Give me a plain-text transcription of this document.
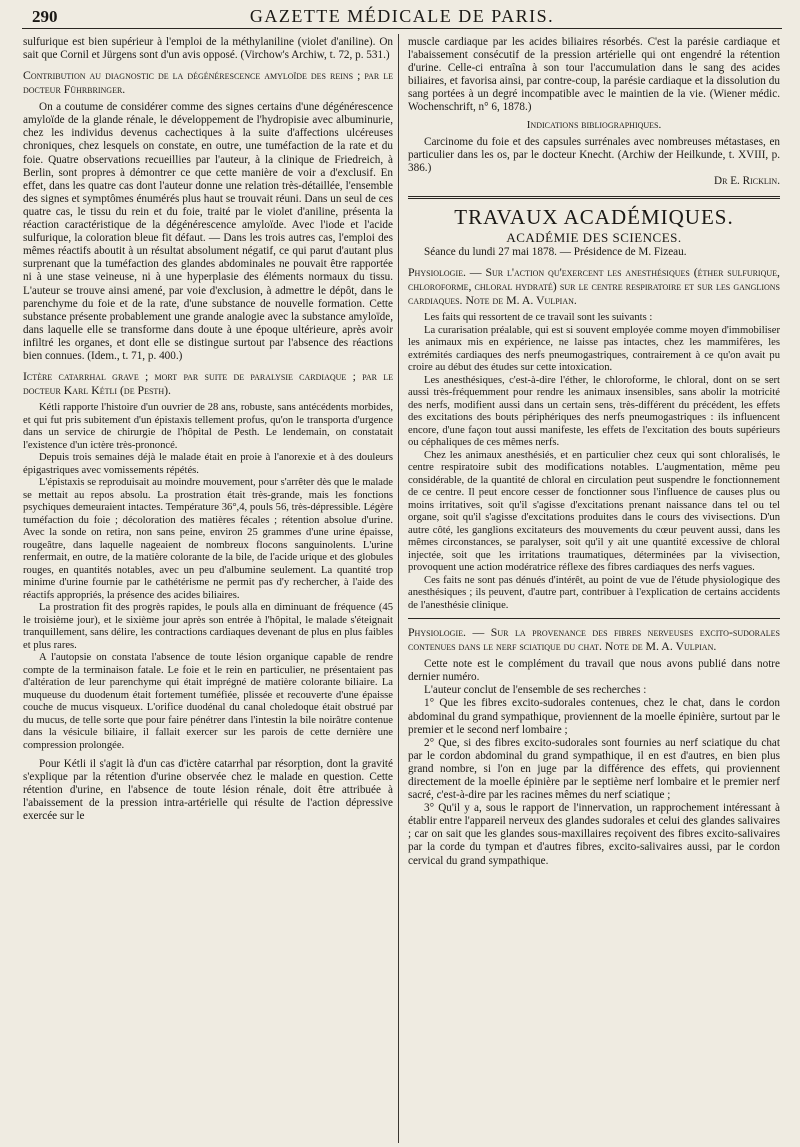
290	GAZETTE MÉDICALE DE PARIS.

sulfurique est bien supérieur à l'emploi de la méthylaniline (violet d'aniline). On sait que Cornil et Jürgens sont d'un avis opposé. (Virchow's Archiw, t. 72, p. 531.)

Contribution au diagnostic de la dégénérescence amyloïde des reins ; par le docteur Führbringer.

On a coutume de considérer comme des signes certains d'une dégénérescence amyloïde de la glande rénale, le développement de l'hydropisie avec albuminurie, chez les individus devenus cachectiques à la suite d'affections ulcéreuses chroniques, chez lesquels on constate, en outre, une tuméfaction de la rate et du foie. Quatre observations recueillies par l'auteur, à la clinique de Friedreich, à Berlin, sont propres à démontrer ce que cette manière de voir a d'exclusif. En effet, dans les quatre cas dont l'auteur donne une relation très-détaillée, l'ensemble des signes et symptômes énumérés plus haut se trouvait réuni. Dans un seul de ces quatre cas, le tissu du rein et du foie, traité par le violet d'aniline, présenta la réaction caractéristique de la dégénérescence amyloïde. Avec l'iode et l'acide sulfurique, la coloration bleue fit défaut. — Dans les trois autres cas, l'emploi des mêmes réactifs aboutit à un résultat absolument négatif, ce qui parut d'autant plus surprenant que la tuméfaction des glandes abdominales ne pouvait être rapportée ni à une stase veineuse, ni à une hyperplasie des éléments normaux du tissu. L'auteur se trouve ainsi amené, par voie d'exclusion, à admettre le dépôt, dans le parenchyme du foie et de la rate, d'une substance de nouvelle formation. Cette substance présente probablement une grande analogie avec la substance amyloïde, dans laquelle elle se transforme dans doute à une époque ultérieure, après avoir infiltré les organes, et dont elle se distingue surtout par l'absence des réactions bien connues. (Idem., t. 71, p. 400.)

Ictère catarrhal grave ; mort par suite de paralysie cardiaque ; par le docteur Karl Kétli (de Pesth).

Kétli rapporte l'histoire d'un ouvrier de 28 ans, robuste, sans antécédents morbides, et qui fut pris subitement d'un épistaxis tellement profus, qu'on le transporta d'urgence dans un service de chirurgie de l'hôpital de Pesth. Le lendemain, on constatait l'existence d'un ictère très-prononcé.

Depuis trois semaines déjà le malade était en proie à l'anorexie et à des douleurs épigastriques avec vomissements répétés.

L'épistaxis se reproduisait au moindre mouvement, pour s'arrêter dès que le malade se mettait au repos absolu. La prostration était très-grande, mais les fonctions psychiques demeuraient intactes. Température 36°,4, pouls 56, très-dépressible. Légère tuméfaction du foie ; décoloration des matières fécales ; rétention absolue d'urine. Avec la sonde on retira, non sans peine, environ 25 grammes d'une urine épaisse, rougeâtre, dans laquelle nageaient de nombreux flocons sanguinolents. L'urine renfermait, en outre, de la matière colorante de la bile, de l'acide urique et des globules rouges, en quantités notables, avec un peu d'albumine seulement. La quantité trop minime d'urine fournie par le cathétérisme ne permit pas d'y rechercher, à l'aide des réactifs appropriés, la présence des acides biliaires.

La prostration fit des progrès rapides, le pouls alla en diminuant de fréquence (45 le troisième jour), et le sixième jour après son entrée à l'hôpital, le malade s'éteignait tranquillement, sans délire, les contractions cardiaques devenant de plus en plus faibles et plus rares.

A l'autopsie on constata l'absence de toute lésion organique capable de rendre compte de la terminaison fatale. Le foie et le rein en particulier, ne présentaient pas d'altération de leur parenchyme qui était imprégné de matière colorante biliaire. La muqueuse du duodenum était fortement tuméfiée, plissée et recouverte d'une épaisse couche de mucus visqueux. L'orifice duodénal du canal choledoque était obstrué par du mucus, de telle sorte que pour faire pénétrer dans l'intestin la bile noirâtre contenue dans la vésicule biliaire, il fallait exercer sur les parois de cette dernière une compression prolongée.

Pour Kétli il s'agit là d'un cas d'ictère catarrhal par résorption, dont la gravité s'explique par la rétention d'urine observée chez le malade en question. Cette rétention d'urine, en l'absence de toute lésion rénale, doit être attribuée à l'abaissement de la pression intra-artérielle qui résulte de l'action dépressive exercée sur le

muscle cardiaque par les acides biliaires résorbés. C'est la parésie cardiaque et l'abaissement consécutif de la pression artérielle qui ont engendré la rétention d'urine. Celle-ci entraîna à son tour l'accumulation dans le sang des acides biliaires, et favorisa ainsi, par contre-coup, la parésie cardiaque et la dissolution du sang portées à un degré incompatible avec le maintien de la vie. (Wiener médic. Wochenschrift, n° 6, 1878.)

Indications bibliographiques.

Carcinome du foie et des capsules surrénales avec nombreuses métastases, en particulier dans les os, par le docteur Knecht. (Archiw der Heilkunde, t. XVIII, p. 386.)

Dr E. Ricklin.

TRAVAUX ACADÉMIQUES.
ACADÉMIE DES SCIENCES.

Séance du lundi 27 mai 1878. — Présidence de M. Fizeau.

Physiologie. — Sur l'action qu'exercent les anesthésiques (éther sulfurique, chloroforme, chloral hydraté) sur le centre respiratoire et sur les ganglions cardiaques. Note de M. A. Vulpian.

Les faits qui ressortent de ce travail sont les suivants :

La curarisation préalable, qui est si souvent employée comme moyen d'immobiliser les animaux mis en expérience, ne laisse pas intactes, chez les mammifères, les extrémités cardiaques des nerfs pneumogastriques, contrairement à ce qu'on avait pu croire au début des études sur cette intoxication.

Les anesthésiques, c'est-à-dire l'éther, le chloroforme, le chloral, dont on se sert aussi très-fréquemment pour rendre les animaux insensibles, sans abolir la motricité des nerfs, modifient aussi dans un certain sens, très-différent du précédent, les effets des excitations des bouts périphériques des nerfs pneumogastriques : ils influencent encore, d'une façon tout aussi manifeste, les effets de l'excitation des bouts supérieurs ou céphaliques de ces mêmes nerfs.

Chez les animaux anesthésiés, et en particulier chez ceux qui sont chloralisés, le centre respiratoire subit des modifications notables. L'augmentation, même peu considérable, de la quantité de chloral en circulation peut suspendre le fonctionnement de ce centre. Il peut encore cesser de fonctionner sous l'influence de causes plus ou moins irritatives, soit qu'il s'agisse d'excitations prenant naissance dans tel ou tel organe, soit qu'il s'agisse d'excitations produites dans le cours des vivisections. D'un autre côté, les ganglions excitateurs des mouvements du cœur peuvent aussi, dans les mêmes circonstances, se paralyser, soit qu'il y ait une quantité excessive de chloral injectée, soit que les irritations traumatiques, déterminées par la vivisection, provoquent une action modératrice réflexe des fibres cardiaques des nerfs vagues.

Ces faits ne sont pas dénués d'intérêt, au point de vue de l'étude physiologique des anesthésiques ; ils peuvent, d'autre part, contribuer à l'explication de certains accidents de l'anesthésie clinique.

Physiologie. — Sur la provenance des fibres nerveuses excito-sudorales contenues dans le nerf sciatique du chat. Note de M. A. Vulpian.

Cette note est le complément du travail que nous avons publié dans notre dernier numéro.

L'auteur conclut de l'ensemble de ses recherches :

1° Que les fibres excito-sudorales contenues, chez le chat, dans le cordon abdominal du grand sympathique, proviennent de la moelle épinière, surtout par le premier et le second nerf lombaire ;

2° Que, si des fibres excito-sudorales sont fournies au nerf sciatique du chat par le cordon abdominal du grand sympathique, il en est d'autres, en bien plus grand nombre, si l'on en juge par la différence des effets, qui proviennent directement de la moelle épinière par le septième nerf lombaire et le premier nerf sacré, c'est-à-dire par les racines mêmes du nerf sciatique ;

3° Qu'il y a, sous le rapport de l'innervation, un rapprochement intéressant à établir entre l'appareil nerveux des glandes sudorales et celui des glandes salivaires ; car on sait que les glandes sous-maxillaires reçoivent des fibres excito-salivaires par la corde du tympan et d'autres fibres, excito-salivaires aussi, par le cordon cervical du grand sympathique.
